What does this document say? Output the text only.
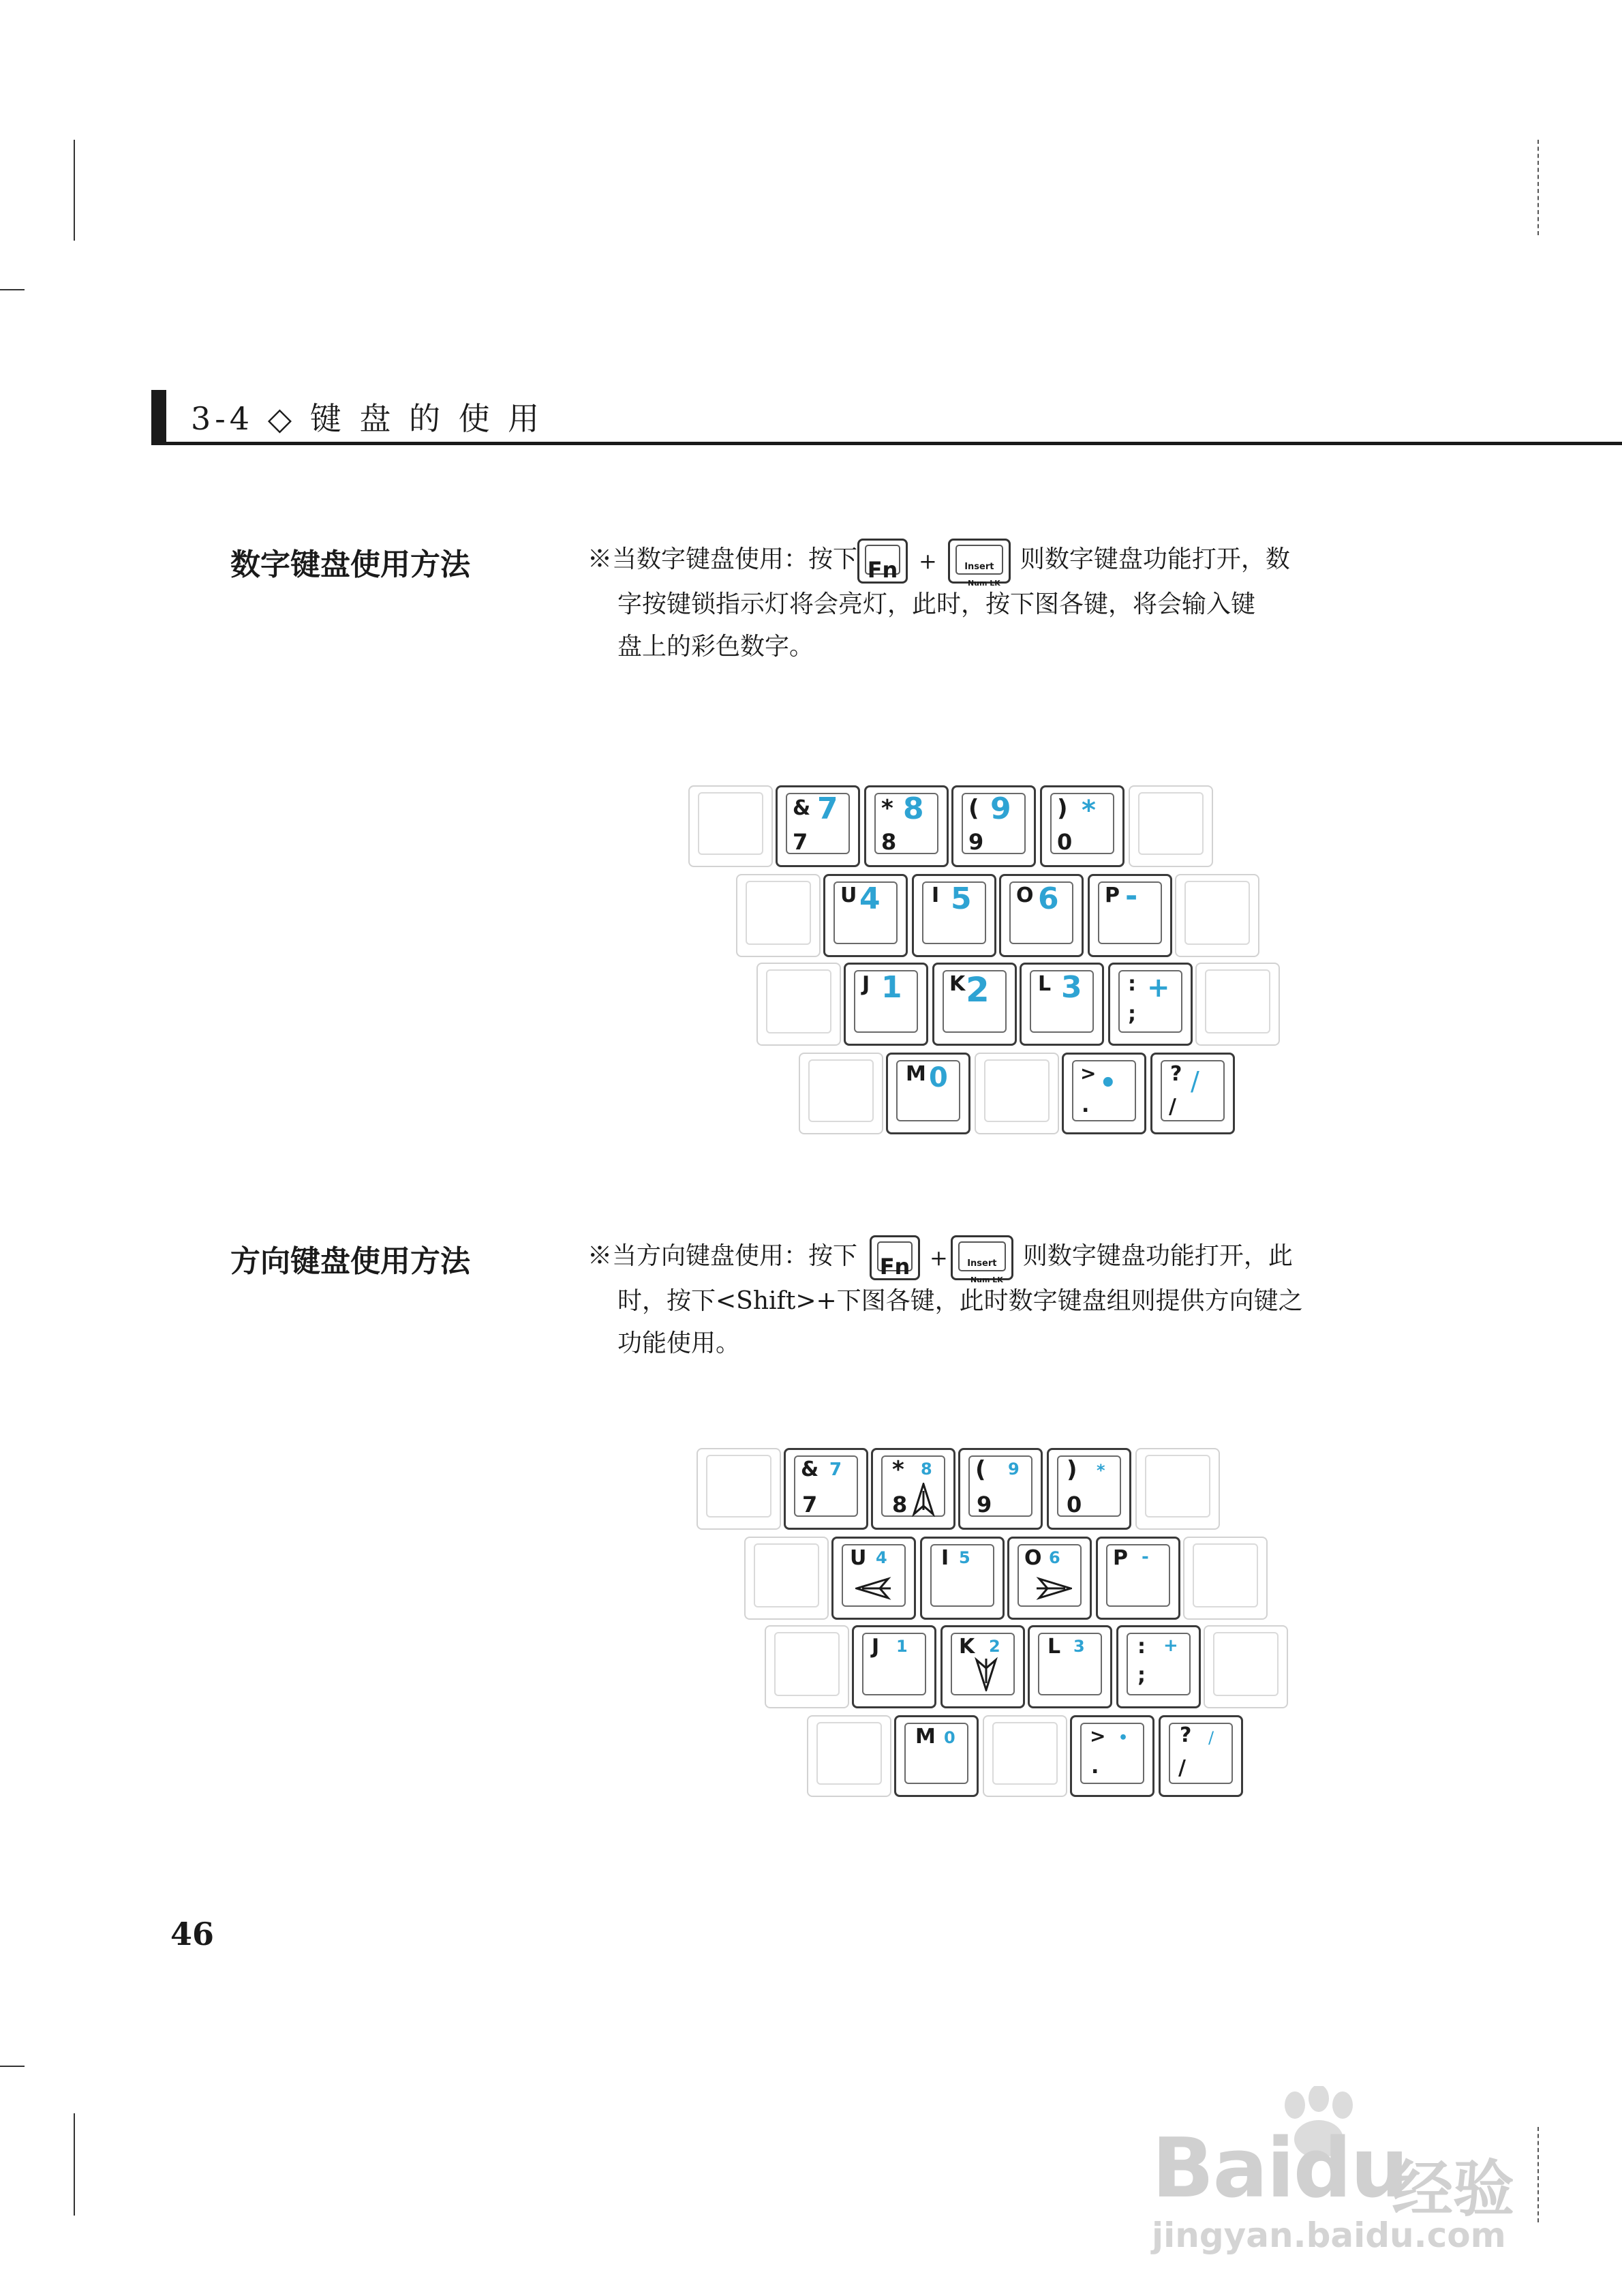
3-4 ◇ 键 盘 的 使 用
数字键盘使用方法	※当数字键盘使用：按下 Fn +	Insert
Num LK
则数字键盘功能打开，数
字按键锁指示灯将会亮灯，此时，按下图各键，将会输入键
盘上的彩色数字。
& 7
7
* 8
8
( 9
9
) *
0
U 4	I 5 O 6 P -
J 1 K 2 L 3 : +
;
M 0	> •
.
? /
/
方向键盘使用方法	※当方向键盘使用：按下	Fn +	Insert
Num LK
则数字键盘功能打开，此
时，按下<Shift>+下图各键，此时数字键盘组则提供方向键之
功能使用。
& 7
7
* 8
8
( 9
9
) *
0
U 4	I 5	O 6	P -
J 1	K 2 L 3	: +
;
M 0	> •
.
? /
/
46
Baidu
经验
jingyan.baidu.com
